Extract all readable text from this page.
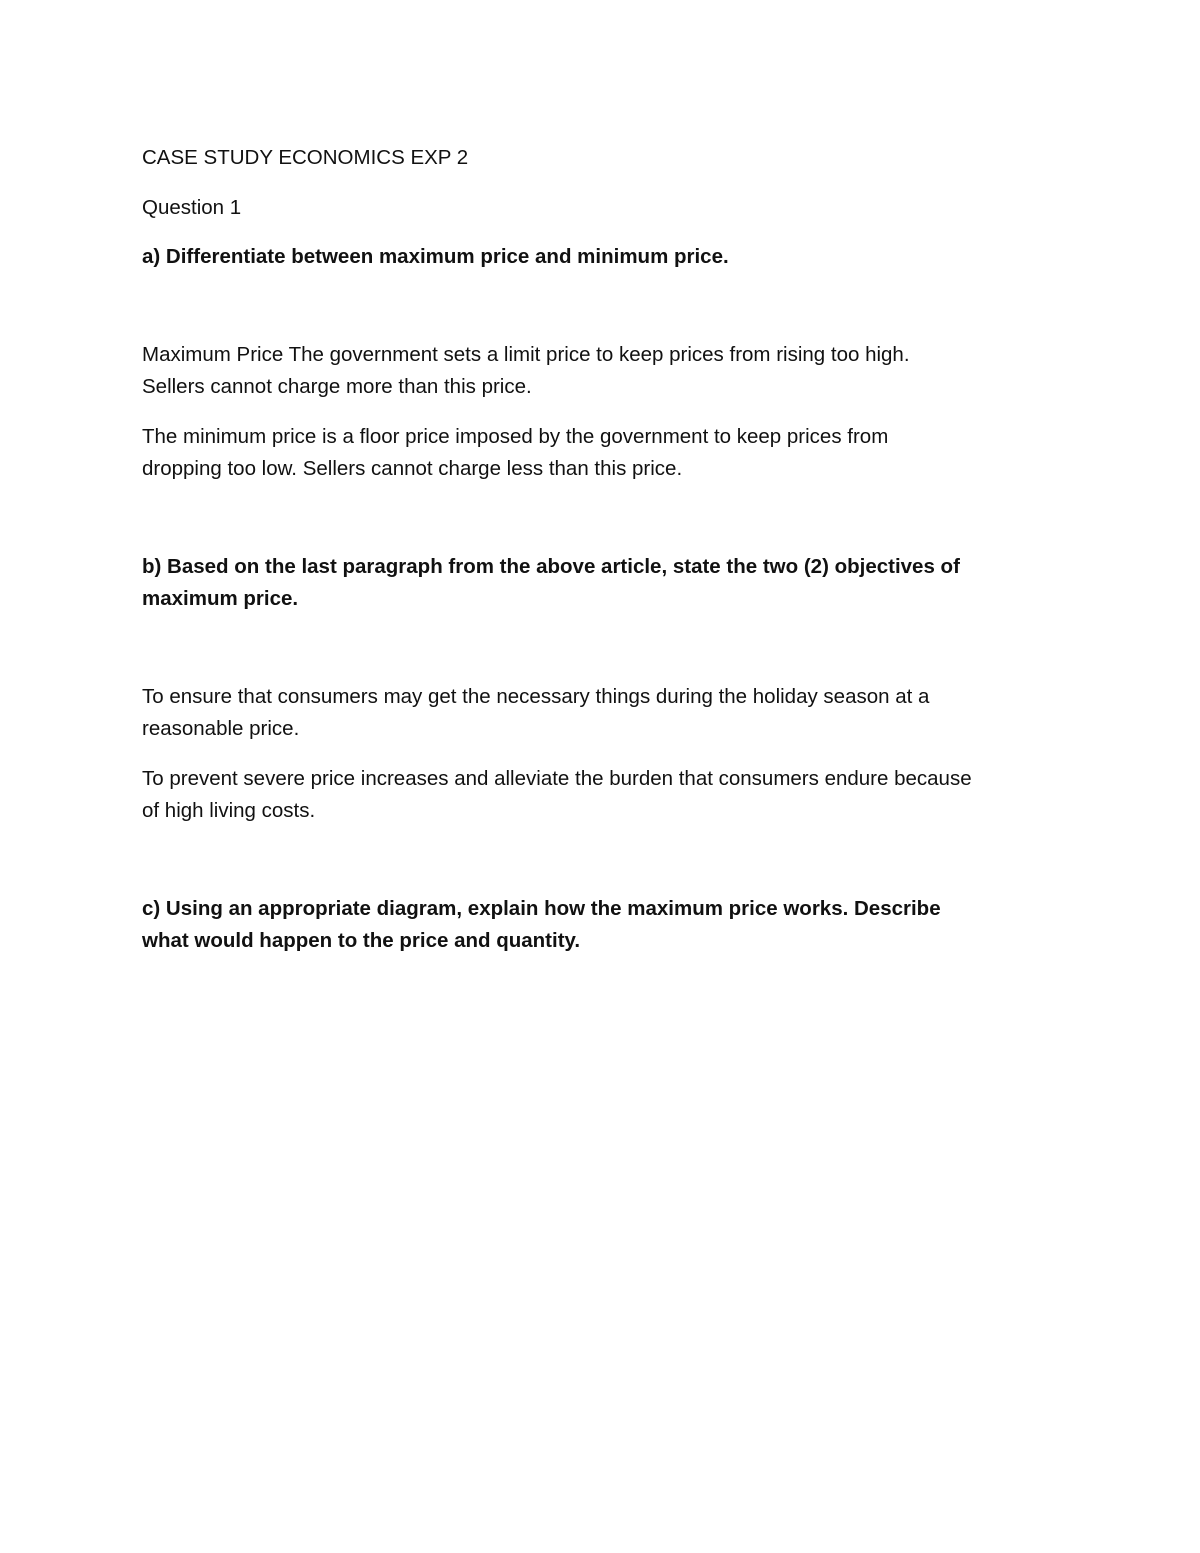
CASE STUDY ECONOMICS EXP 2

Question 1

a) Differentiate between maximum price and minimum price.

Maximum Price The government sets a limit price to keep prices from rising too high.
Sellers cannot charge more than this price.

The minimum price is a floor price imposed by the government to keep prices from
dropping too low. Sellers cannot charge less than this price.

b) Based on the last paragraph from the above article, state the two (2) objectives of
maximum price.

To ensure that consumers may get the necessary things during the holiday season at a
reasonable price.

To prevent severe price increases and alleviate the burden that consumers endure because
of high living costs.

c) Using an appropriate diagram, explain how the maximum price works. Describe
what would happen to the price and quantity.
